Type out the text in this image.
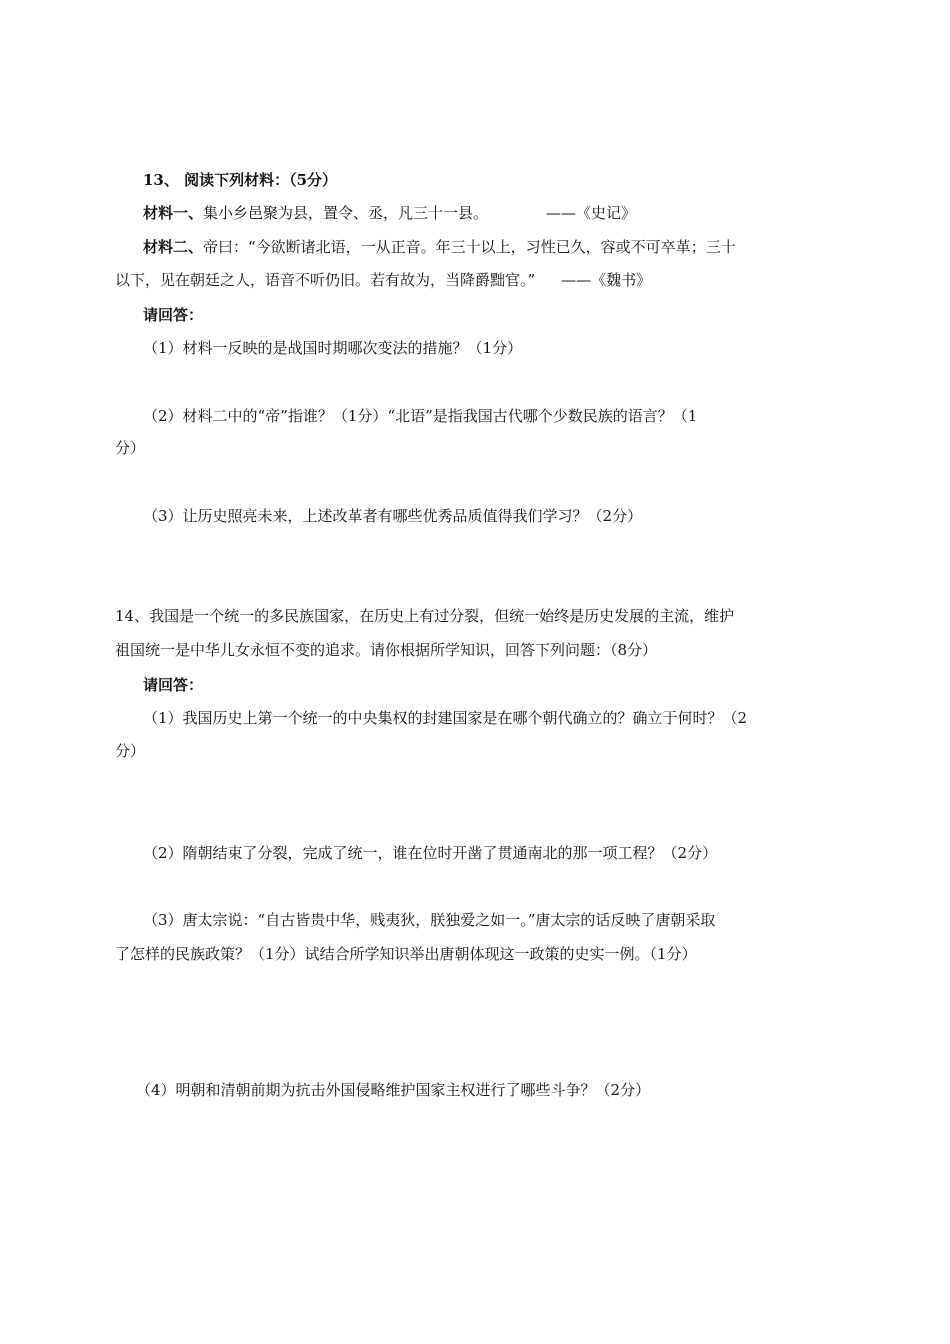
13、 阅读下列材料：（5分）
材料一、集小乡邑聚为县，置令、丞，凡三十一县。	——《史记》
材料二、帝曰：“今欲断诸北语，一从正音。年三十以上，习性已久，容或不可卒革；三十
以下，见在朝廷之人，语音不听仍旧。若有故为，当降爵黜官。” ——《魏书》
请回答：
（1）材料一反映的是战国时期哪次变法的措施？（1分）
（2）材料二中的“帝”指谁？（1分）“北语”是指我国古代哪个少数民族的语言？（1
分）
（3）让历史照亮未来，上述改革者有哪些优秀品质值得我们学习？（2分）
14、我国是一个统一的多民族国家，在历史上有过分裂，但统一始终是历史发展的主流，维护
祖国统一是中华儿女永恒不变的追求。请你根据所学知识，回答下列问题：（8分）
请回答：
（1）我国历史上第一个统一的中央集权的封建国家是在哪个朝代确立的？确立于何时？（2
分）
（2）隋朝结束了分裂，完成了统一，谁在位时开凿了贯通南北的那一项工程？（2分）
（3）唐太宗说：“自古皆贵中华，贱夷狄，朕独爱之如一。”唐太宗的话反映了唐朝采取
了怎样的民族政策？（1分）试结合所学知识举出唐朝体现这一政策的史实一例。（1分）
（4）明朝和清朝前期为抗击外国侵略维护国家主权进行了哪些斗争？（2分）
